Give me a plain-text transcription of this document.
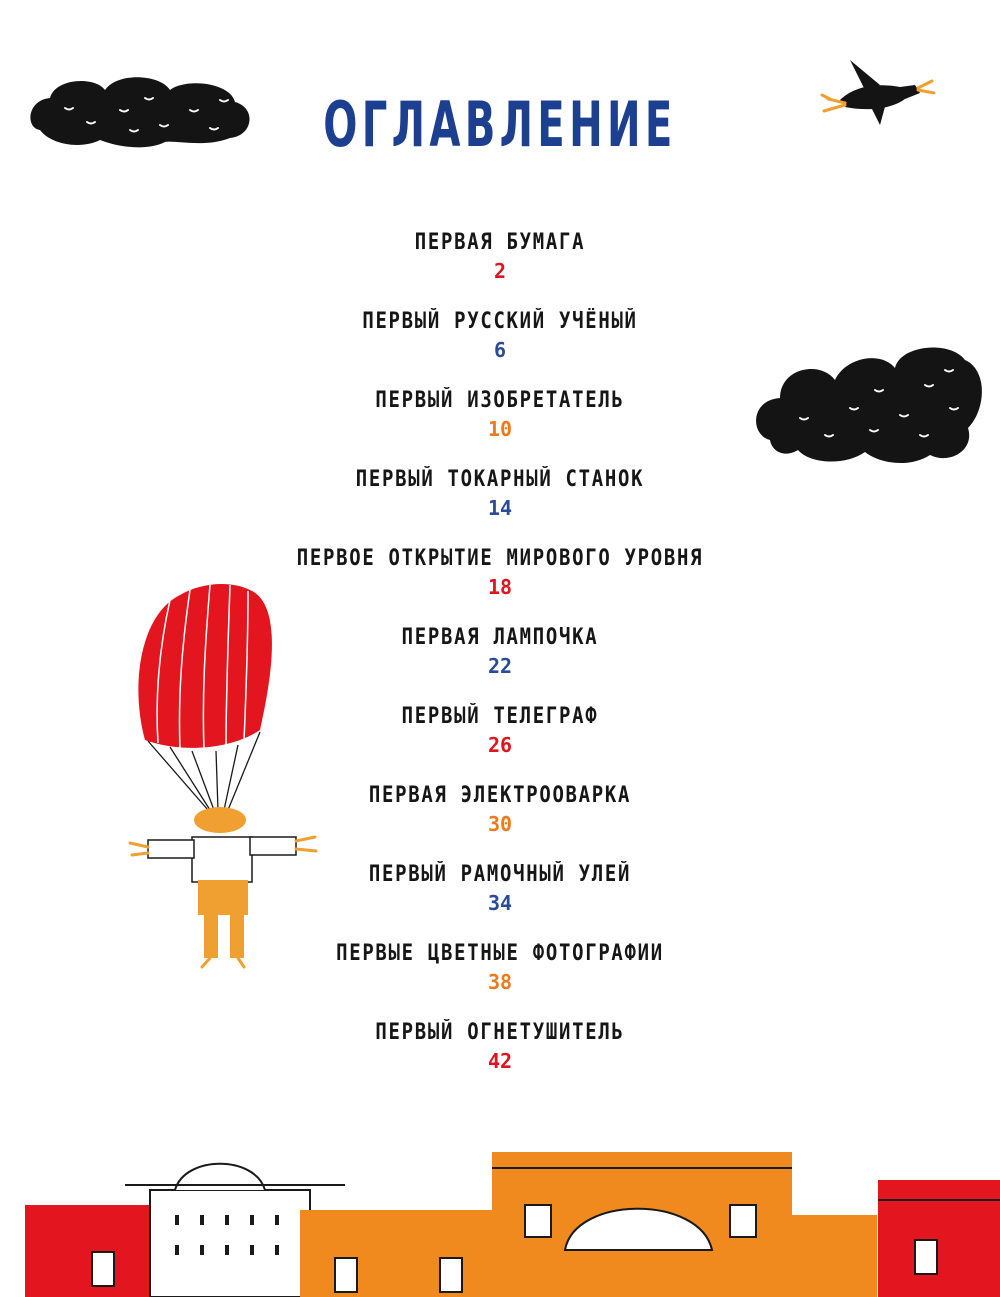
ОГЛАВЛЕНИЕ
ПЕРВАЯ БУМАГА
2
ПЕРВЫЙ РУССКИЙ УЧЁНЫЙ
6
ПЕРВЫЙ ИЗОБРЕТАТЕЛЬ
10
ПЕРВЫЙ ТОКАРНЫЙ СТАНОК
14
ПЕРВОЕ ОТКРЫТИЕ МИРОВОГО УРОВНЯ
18
ПЕРВАЯ ЛАМПОЧКА
22
ПЕРВЫЙ ТЕЛЕГРАФ
26
ПЕРВАЯ ЭЛЕКТРООВАРКА
30
ПЕРВЫЙ РАМОЧНЫЙ УЛЕЙ
34
ПЕРВЫЕ ЦВЕТНЫЕ ФОТОГРАФИИ
38
ПЕРВЫЙ ОГНЕТУШИТЕЛЬ
42
